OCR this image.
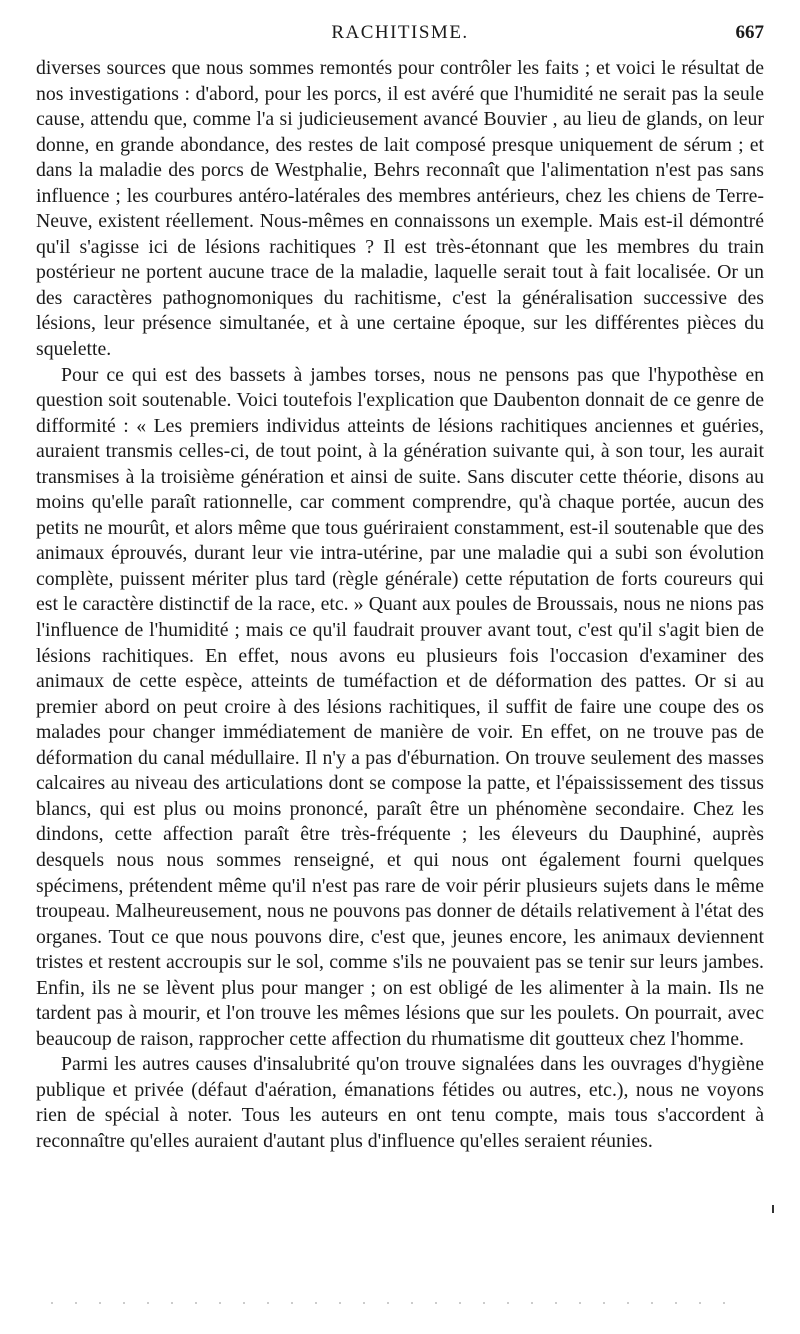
RACHITISME.	667

diverses sources que nous sommes remontés pour contrôler les faits ; et voici le résultat de nos investigations : d'abord, pour les porcs, il est avéré que l'humidité ne serait pas la seule cause, attendu que, comme l'a si judicieusement avancé Bouvier , au lieu de glands, on leur donne, en grande abondance, des restes de lait composé presque uniquement de sérum ; et dans la maladie des porcs de Westphalie, Behrs reconnaît que l'alimentation n'est pas sans influence ; les courbures antéro-latérales des membres antérieurs, chez les chiens de Terre-Neuve, existent réellement. Nous-mêmes en connaissons un exemple. Mais est-il démontré qu'il s'agisse ici de lésions rachitiques ? Il est très-étonnant que les membres du train postérieur ne portent aucune trace de la maladie, laquelle serait tout à fait localisée. Or un des caractères pathognomoniques du rachitisme, c'est la généralisation successive des lésions, leur présence simultanée, et à une certaine époque, sur les différentes pièces du squelette.

Pour ce qui est des bassets à jambes torses, nous ne pensons pas que l'hypothèse en question soit soutenable. Voici toutefois l'explication que Daubenton donnait de ce genre de difformité : « Les premiers individus atteints de lésions rachitiques anciennes et guéries, auraient transmis celles-ci, de tout point, à la génération suivante qui, à son tour, les aurait transmises à la troisième génération et ainsi de suite. Sans discuter cette théorie, disons au moins qu'elle paraît rationnelle, car comment comprendre, qu'à chaque portée, aucun des petits ne mourût, et alors même que tous guériraient constamment, est-il soutenable que des animaux éprouvés, durant leur vie intra-utérine, par une maladie qui a subi son évolution complète, puissent mériter plus tard (règle générale) cette réputation de forts coureurs qui est le caractère distinctif de la race, etc. » Quant aux poules de Broussais, nous ne nions pas l'influence de l'humidité ; mais ce qu'il faudrait prouver avant tout, c'est qu'il s'agit bien de lésions rachitiques. En effet, nous avons eu plusieurs fois l'occasion d'examiner des animaux de cette espèce, atteints de tuméfaction et de déformation des pattes. Or si au premier abord on peut croire à des lésions rachitiques, il suffit de faire une coupe des os malades pour changer immédiatement de manière de voir. En effet, on ne trouve pas de déformation du canal médullaire. Il n'y a pas d'éburnation. On trouve seulement des masses calcaires au niveau des articulations dont se compose la patte, et l'épaississement des tissus blancs, qui est plus ou moins prononcé, paraît être un phénomène secondaire. Chez les dindons, cette affection paraît être très-fréquente ; les éleveurs du Dauphiné, auprès desquels nous nous sommes renseigné, et qui nous ont également fourni quelques spécimens, prétendent même qu'il n'est pas rare de voir périr plusieurs sujets dans le même troupeau. Malheureusement, nous ne pouvons pas donner de détails relativement à l'état des organes. Tout ce que nous pouvons dire, c'est que, jeunes encore, les animaux deviennent tristes et restent accroupis sur le sol, comme s'ils ne pouvaient pas se tenir sur leurs jambes. Enfin, ils ne se lèvent plus pour manger ; on est obligé de les alimenter à la main. Ils ne tardent pas à mourir, et l'on trouve les mêmes lésions que sur les poulets. On pourrait, avec beaucoup de raison, rapprocher cette affection du rhumatisme dit goutteux chez l'homme.

Parmi les autres causes d'insalubrité qu'on trouve signalées dans les ouvrages d'hygiène publique et privée (défaut d'aération, émanations fétides ou autres, etc.), nous ne voyons rien de spécial à noter. Tous les auteurs en ont tenu compte, mais tous s'accordent à reconnaître qu'elles auraient d'autant plus d'influence qu'elles seraient réunies.
